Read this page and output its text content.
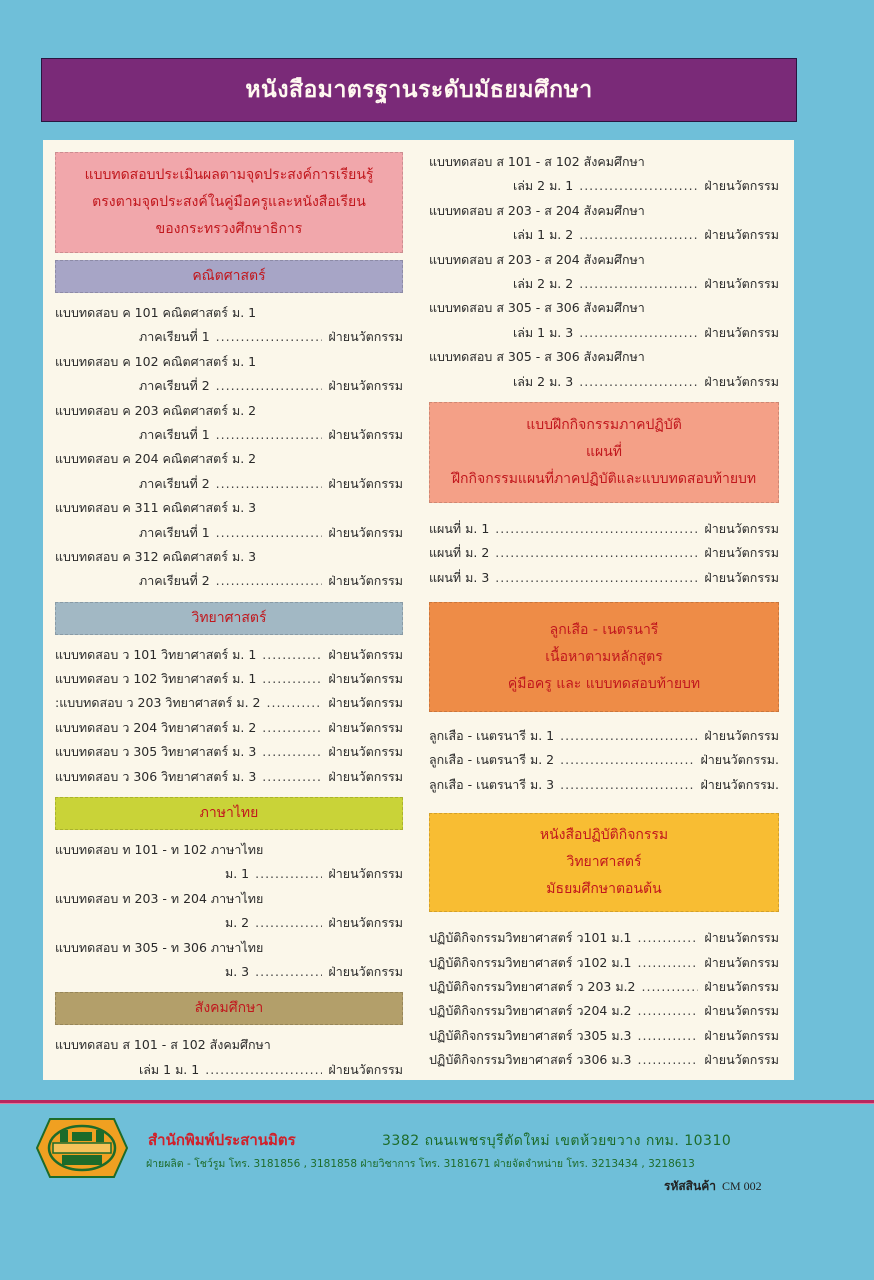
หนังสือมาตรฐานระดับมัธยมศึกษา
แบบทดสอบประเมินผลตามจุดประสงค์การเรียนรู้
ตรงตามจุดประสงค์ในคู่มือครูและหนังสือเรียน
ของกระทรวงศึกษาธิการ
คณิตศาสตร์
แบบทดสอบ ค 101 คณิตศาสตร์ ม. 1
ภาคเรียนที่ 1 .....	ฝ่ายนวัตกรรม
แบบทดสอบ ค 102 คณิตศาสตร์ ม. 1
ภาคเรียนที่ 2 .....	ฝ่ายนวัตกรรม
แบบทดสอบ ค 203 คณิตศาสตร์ ม. 2
ภาคเรียนที่ 1 .....	ฝ่ายนวัตกรรม
แบบทดสอบ ค 204 คณิตศาสตร์ ม. 2
ภาคเรียนที่ 2 .....	ฝ่ายนวัตกรรม
แบบทดสอบ ค 311 คณิตศาสตร์ ม. 3
ภาคเรียนที่ 1 .....	ฝ่ายนวัตกรรม
แบบทดสอบ ค 312 คณิตศาสตร์ ม. 3
ภาคเรียนที่ 2 .....	ฝ่ายนวัตกรรม
วิทยาศาสตร์
แบบทดสอบ ว 101 วิทยาศาสตร์ ม. 1 .....	ฝ่ายนวัตกรรม
แบบทดสอบ ว 102 วิทยาศาสตร์ ม. 1 .....	ฝ่ายนวัตกรรม
:แบบทดสอบ ว 203 วิทยาศาสตร์ ม. 2 .....	ฝ่ายนวัตกรรม
แบบทดสอบ ว 204 วิทยาศาสตร์ ม. 2 .....	ฝ่ายนวัตกรรม
แบบทดสอบ ว 305 วิทยาศาสตร์ ม. 3 .....	ฝ่ายนวัตกรรม
แบบทดสอบ ว 306 วิทยาศาสตร์ ม. 3 .....	ฝ่ายนวัตกรรม
ภาษาไทย
แบบทดสอบ ท 101 - ท 102 ภาษาไทย
ม. 1 .....	ฝ่ายนวัตกรรม
แบบทดสอบ ท 203 - ท 204 ภาษาไทย
ม. 2 .....	ฝ่ายนวัตกรรม
แบบทดสอบ ท 305 - ท 306 ภาษาไทย
ม. 3 .....	ฝ่ายนวัตกรรม
สังคมศึกษา
แบบทดสอบ ส 101 - ส 102 สังคมศึกษา
เล่ม 1 ม. 1 .....	ฝ่ายนวัตกรรม
แบบทดสอบ ส 101 - ส 102 สังคมศึกษา
เล่ม 2 ม. 1 .....	ฝ่ายนวัตกรรม
แบบทดสอบ ส 203 - ส 204 สังคมศึกษา
เล่ม 1 ม. 2 .....	ฝ่ายนวัตกรรม
แบบทดสอบ ส 203 - ส 204 สังคมศึกษา
เล่ม 2 ม. 2 .....	ฝ่ายนวัตกรรม
แบบทดสอบ ส 305 - ส 306 สังคมศึกษา
เล่ม 1 ม. 3 .....	ฝ่ายนวัตกรรม
แบบทดสอบ ส 305 - ส 306 สังคมศึกษา
เล่ม 2 ม. 3 .....	ฝ่ายนวัตกรรม
แบบฝึกกิจกรรมภาคปฏิบัติ
แผนที่
ฝึกกิจกรรมแผนที่ภาคปฏิบัติและแบบทดสอบท้ายบท
แผนที่ ม. 1 .....	ฝ่ายนวัตกรรม
แผนที่ ม. 2 .....	ฝ่ายนวัตกรรม
แผนที่ ม. 3 .....	ฝ่ายนวัตกรรม
ลูกเสือ - เนตรนารี
เนื้อหาตามหลักสูตร
คู่มือครู และ แบบทดสอบท้ายบท
ลูกเสือ - เนตรนารี ม. 1 .....	ฝ่ายนวัตกรรม
ลูกเสือ - เนตรนารี ม. 2 .....	ฝ่ายนวัตกรรม.
ลูกเสือ - เนตรนารี ม. 3 .....	ฝ่ายนวัตกรรม.
หนังสือปฏิบัติกิจกรรม
วิทยาศาสตร์
มัธยมศึกษาตอนต้น
ปฏิบัติกิจกรรมวิทยาศาสตร์ ว101 ม.1 .....	ฝ่ายนวัตกรรม
ปฏิบัติกิจกรรมวิทยาศาสตร์ ว102 ม.1 .....	ฝ่ายนวัตกรรม
ปฏิบัติกิจกรรมวิทยาศาสตร์ ว 203 ม.2 .....	ฝ่ายนวัตกรรม
ปฏิบัติกิจกรรมวิทยาศาสตร์ ว204 ม.2 .....	ฝ่ายนวัตกรรม
ปฏิบัติกิจกรรมวิทยาศาสตร์ ว305 ม.3 .....	ฝ่ายนวัตกรรม
ปฏิบัติกิจกรรมวิทยาศาสตร์ ว306 ม.3 .....	ฝ่ายนวัตกรรม
สำนักพิมพ์ประสานมิตร	3382 ถนนเพชรบุรีตัดใหม่ เขตห้วยขวาง กทม. 10310
ฝ่ายผลิต - โชว์รูม โทร. 3181856 , 3181858 ฝ่ายวิชาการ โทร. 3181671 ฝ่ายจัดจำหน่าย โทร. 3213434 , 3218613
รหัสสินค้า CM 002
